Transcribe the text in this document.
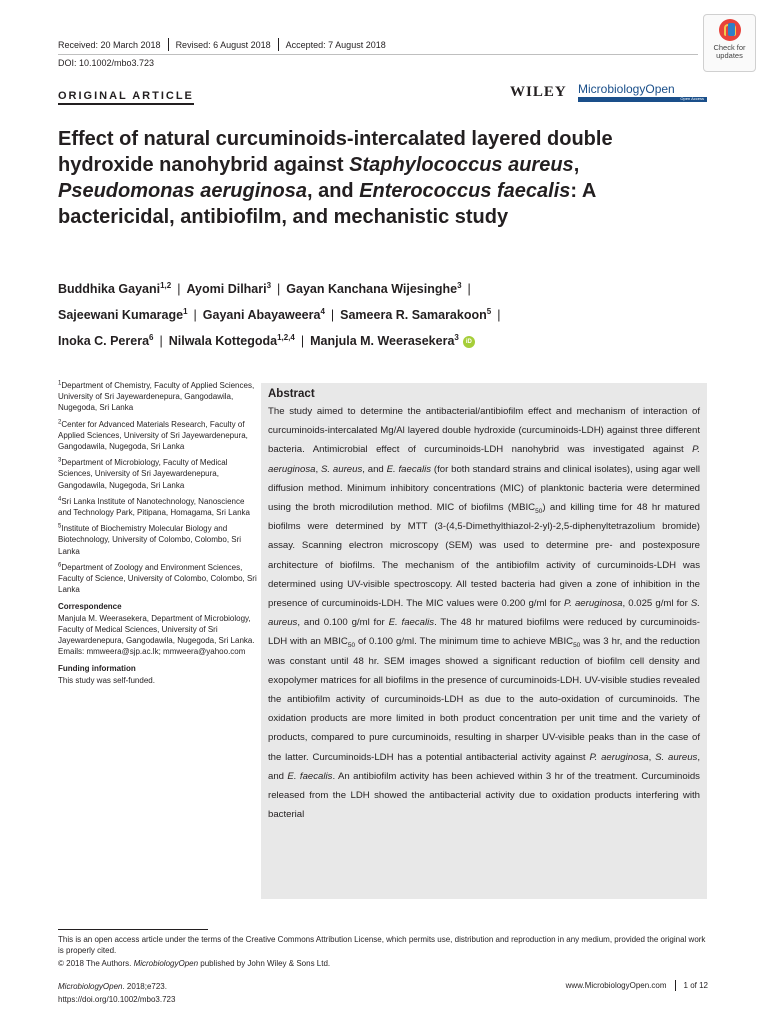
Received: 20 March 2018 Revised: 6 August 2018 Accepted: 7 August 2018
DOI: 10.1002/mbo3.723
Check for updates
ORIGINAL ARTICLE	WILEY MicrobiologyOpen
Open Access
Effect of natural curcuminoids-intercalated layered double hydroxide nanohybrid against Staphylococcus aureus, Pseudomonas aeruginosa, and Enterococcus faecalis: A bactericidal, antibiofilm, and mechanistic study
Buddhika Gayani$^{1,2}$ | Ayomi Dilhari$^3$ | Gayan Kanchana Wijesinghe$^3$ |
Sajeewani Kumarage$^1$ | Gayani Abayaweera$^4$ | Sameera R. Samarakoon$^5$ |
Inoka C. Perera$^6$ | Nilwala Kottegoda$^{1,2,4}$ | Manjula M. Weerasekera$^3$ iD

$^1$Department of Chemistry, Faculty of Applied Sciences, University of Sri Jayewardenepura, Gangodawila, Nugegoda, Sri Lanka

$^2$Center for Advanced Materials Research, Faculty of Applied Sciences, University of Sri Jayewardenepura, Gangodawila, Nugegoda, Sri Lanka

$^3$Department of Microbiology, Faculty of Medical Sciences, University of Sri Jayewardenepura, Gangodawila, Nugegoda, Sri Lanka

$^4$Sri Lanka Institute of Nanotechnology, Nanoscience and Technology Park, Pitipana, Homagama, Sri Lanka

$^5$Institute of Biochemistry Molecular Biology and Biotechnology, University of Colombo, Colombo, Sri Lanka

$^6$Department of Zoology and Environment Sciences, Faculty of Science, University of Colombo, Colombo, Sri Lanka

Correspondence

Manjula M. Weerasekera, Department of Microbiology, Faculty of Medical Sciences, University of Sri Jayewardenepura, Gangodawila, Nugegoda, Sri Lanka.
Emails: mmweera@sjp.ac.lk; mmweera@yahoo.com

Funding information

This study was self-funded.

Abstract
The study aimed to determine the antibacterial/antibiofilm effect and mechanism of interaction of curcuminoids-intercalated Mg/Al layered double hydroxide (curcuminoids-LDH) against three different bacteria. Antimicrobial effect of curcuminoids-LDH nanohybrid was investigated against P. aeruginosa, S. aureus, and E. faecalis (for both standard strains and clinical isolates), using agar well diffusion method. Minimum inhibitory concentrations (MIC) of planktonic bacteria were determined using the broth microdilution method. MIC of biofilms $(MBIC_{50})$ and killing time for 48 hr matured biofilms were determined by MTT (3-(4,5-Dimethylthiazol-2-yl)-2,5-diphenyltetrazolium bromide) assay. Scanning electron microscopy (SEM) was used to determine pre- and postexposure architecture of biofilms. The mechanism of the antibiofilm activity of curcuminoids-LDH was determined using UV-visible spectroscopy. All tested bacteria had given a zone of inhibition in the presence of curcuminoids-LDH. The MIC values were 0.200 g/ml for P. aeruginosa, 0.025 g/ml for S. aureus, and 0.100 g/ml for E. faecalis. The 48 hr matured biofilms were reduced by curcuminoids-LDH with an $MBIC_{50}$ of 0.100 g/ml. The minimum time to achieve $MBIC_{50}$ was 3 hr, and the reduction was constant until 48 hr. SEM images showed a significant reduction of biofilm cell density and exopolymer matrices for all biofilms in the presence of curcuminoids-LDH. UV-visible studies revealed the antibiofilm activity of curcuminoids-LDH as due to the auto-oxidation of curcuminoids. The oxidation products are more limited in both product concentration per unit time and the variety of products, compared to pure curcuminoids, resulting in sharper UV-visible peaks than in the case of the latter. Curcuminoids-LDH has a potential antibacterial activity against P. aeruginosa, S. aureus, and E. faecalis. An antibiofilm activity has been achieved within 3 hr of the treatment. Curcuminoids released from the LDH showed the antibacterial activity due to oxidation products interfering with bacterial
This is an open access article under the terms of the Creative Commons Attribution License, which permits use, distribution and reproduction in any medium, provided the original work is properly cited.
© 2018 The Authors. MicrobiologyOpen published by John Wiley & Sons Ltd.
MicrobiologyOpen. 2018;e723.
https://doi.org/10.1002/mbo3.723
www.MicrobiologyOpen.com 1 of 12
